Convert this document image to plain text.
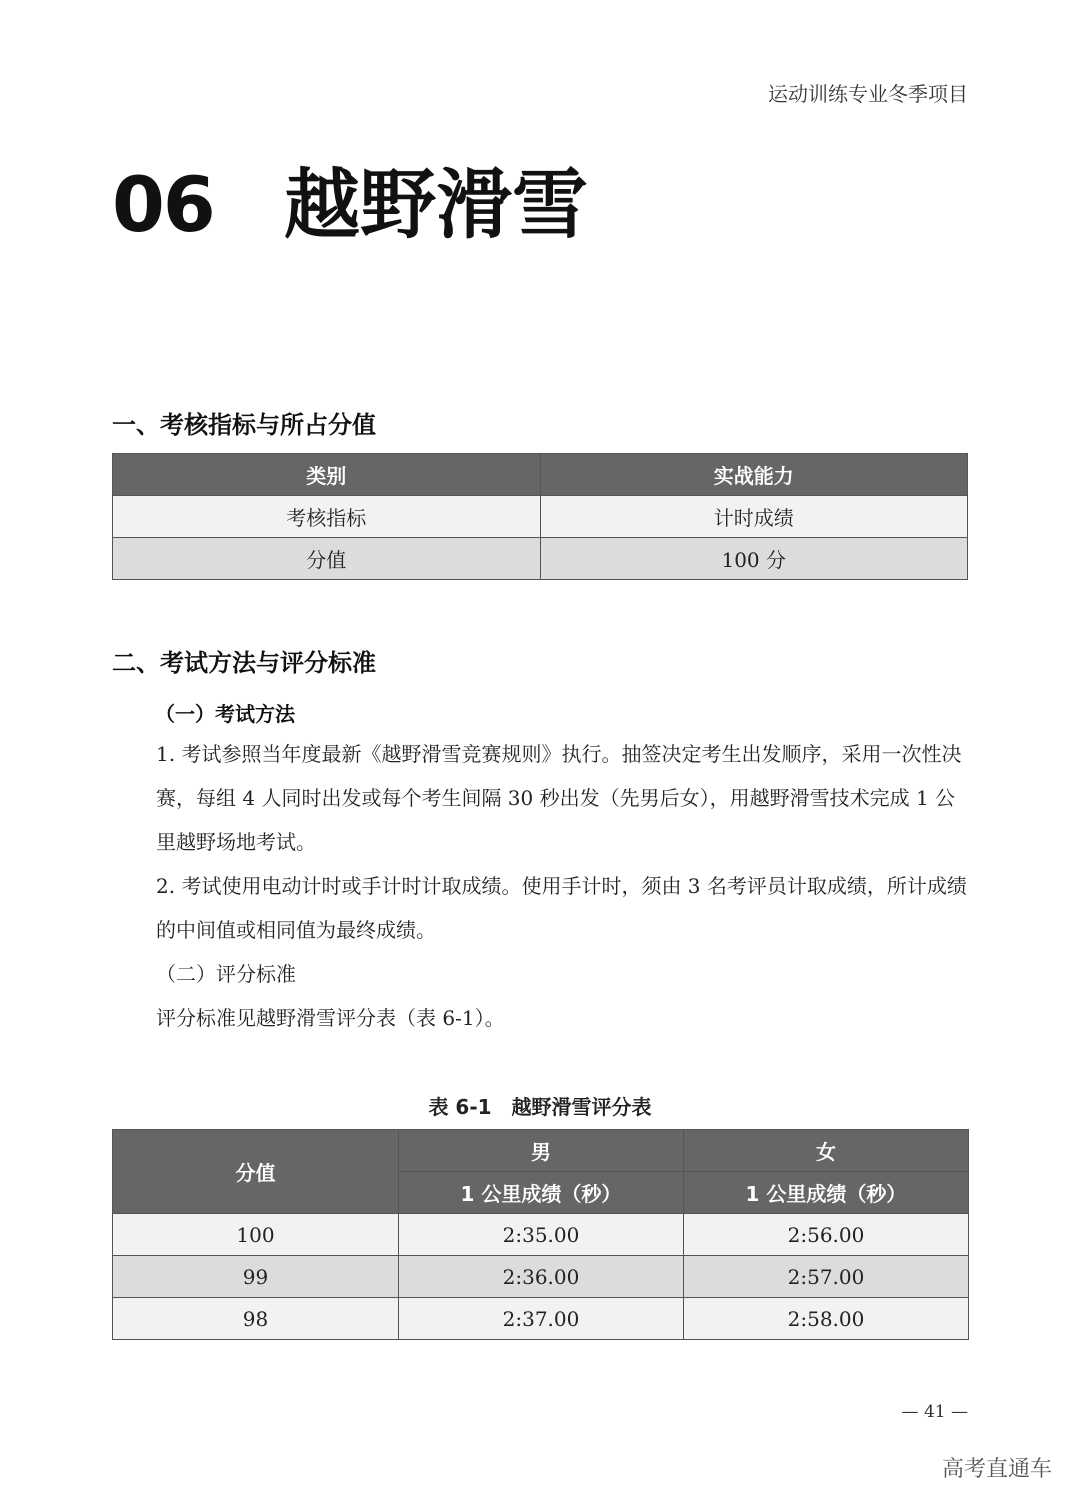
运动训练专业冬季项目
06 越野滑雪
一、考核指标与所占分值
类别	实战能力
考核指标	计时成绩
分值	100 分
二、考试方法与评分标准
（一）考试方法

1. 考试参照当年度最新《越野滑雪竞赛规则》执行。抽签决定考生出发顺序，采用一次性决赛，每组 4 人同时出发或每个考生间隔 30 秒出发（先男后女），用越野滑雪技术完成 1 公里越野场地考试。

2. 考试使用电动计时或手计时计取成绩。使用手计时，须由 3 名考评员计取成绩，所计成绩的中间值或相同值为最终成绩。

（二）评分标准

评分标准见越野滑雪评分表（表 6-1）。

表 6-1　越野滑雪评分表
分值	男	女
	1 公里成绩（秒）	1 公里成绩（秒）
100	2:35.00	2:56.00
99	2:36.00	2:57.00
98	2:37.00	2:58.00
— 41 —
高考直通车
